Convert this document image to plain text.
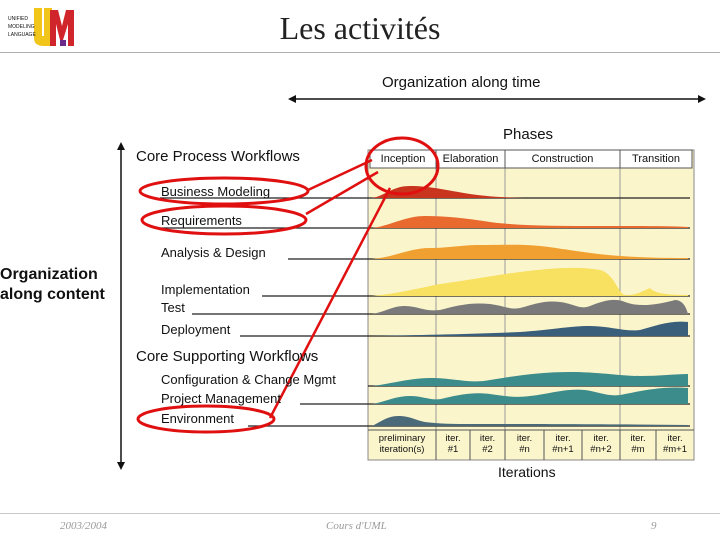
UNIFIED
MODELING
LANGUAGE	Les activités
Organization along time
Phases
Inception	Elaboration	Construction	Transition
Core Process Workflows
Business Modeling
Requirements
Analysis & Design
Implementation
Test
Deployment
Organization
along content
Core Supporting Workflows
Configuration & Change Mgmt
Project Management
Environment
preliminary
iteration(s)
iter.
#1
iter.
#2
iter.
#n
iter.
#n+1
iter.
#n+2
iter.
#m
iter.
#m+1
Iterations
2003/2004	Cours d'UML	9
